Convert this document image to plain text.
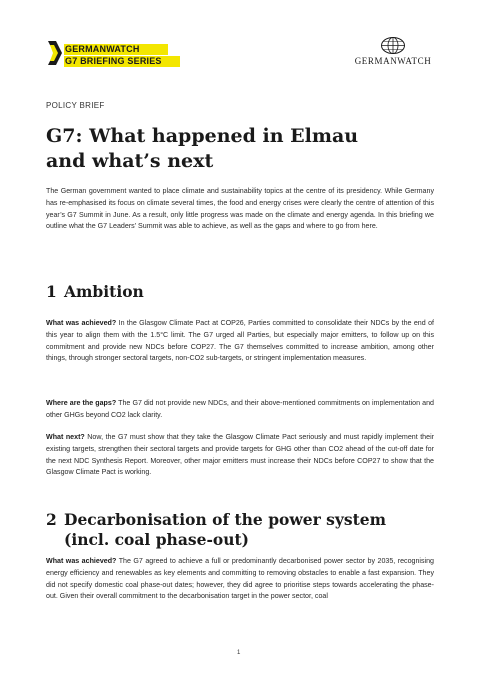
GERMANWATCH
G7 BRIEFING SERIES	GERMANWATCH
POLICY BRIEF
G7: What happened in Elmau
and what’s next

The German government wanted to place climate and sustainability topics at the centre of its presidency. While Germany has re-emphasised its focus on climate several times, the food and energy crises were clearly the centre of attention of this year’s G7 Summit in June. As a result, only little progress was made on the climate and energy agenda. In this briefing we outline what the G7 Leaders’ Summit was able to achieve, as well as the gaps and where to go from here.

1 Ambition

What was achieved? In the Glasgow Climate Pact at COP26, Parties committed to consolidate their NDCs by the end of this year to align them with the 1.5°C limit. The G7 urged all Parties, but especially major emitters, to follow up on this commitment and provide new NDCs before COP27. The G7 themselves committed to increase ambition, among other things, through stronger sectoral targets, non-CO2 sub-targets, or stringent implementation measures.

Where are the gaps? The G7 did not provide new NDCs, and their above-mentioned commitments on implementation and other GHGs beyond CO2 lack clarity.

What next? Now, the G7 must show that they take the Glasgow Climate Pact seriously and must rapidly implement their existing targets, strengthen their sectoral targets and provide targets for GHG other than CO2 ahead of the cut-off date for the next NDC Synthesis Report. Moreover, other major emitters must increase their NDCs before COP27 to show that the Glasgow Climate Pact is working.

2 Decarbonisation of the power system
(incl. coal phase-out)

What was achieved? The G7 agreed to achieve a full or predominantly decarbonised power sector by 2035, recognising energy efficiency and renewables as key elements and committing to removing obstacles to enable a fast expansion. They did not specify domestic coal phase-out dates; however, they did agree to prioritise steps towards accelerating the phase-out. Given their overall commitment to the decarbonisation target in the power sector, coal

1
